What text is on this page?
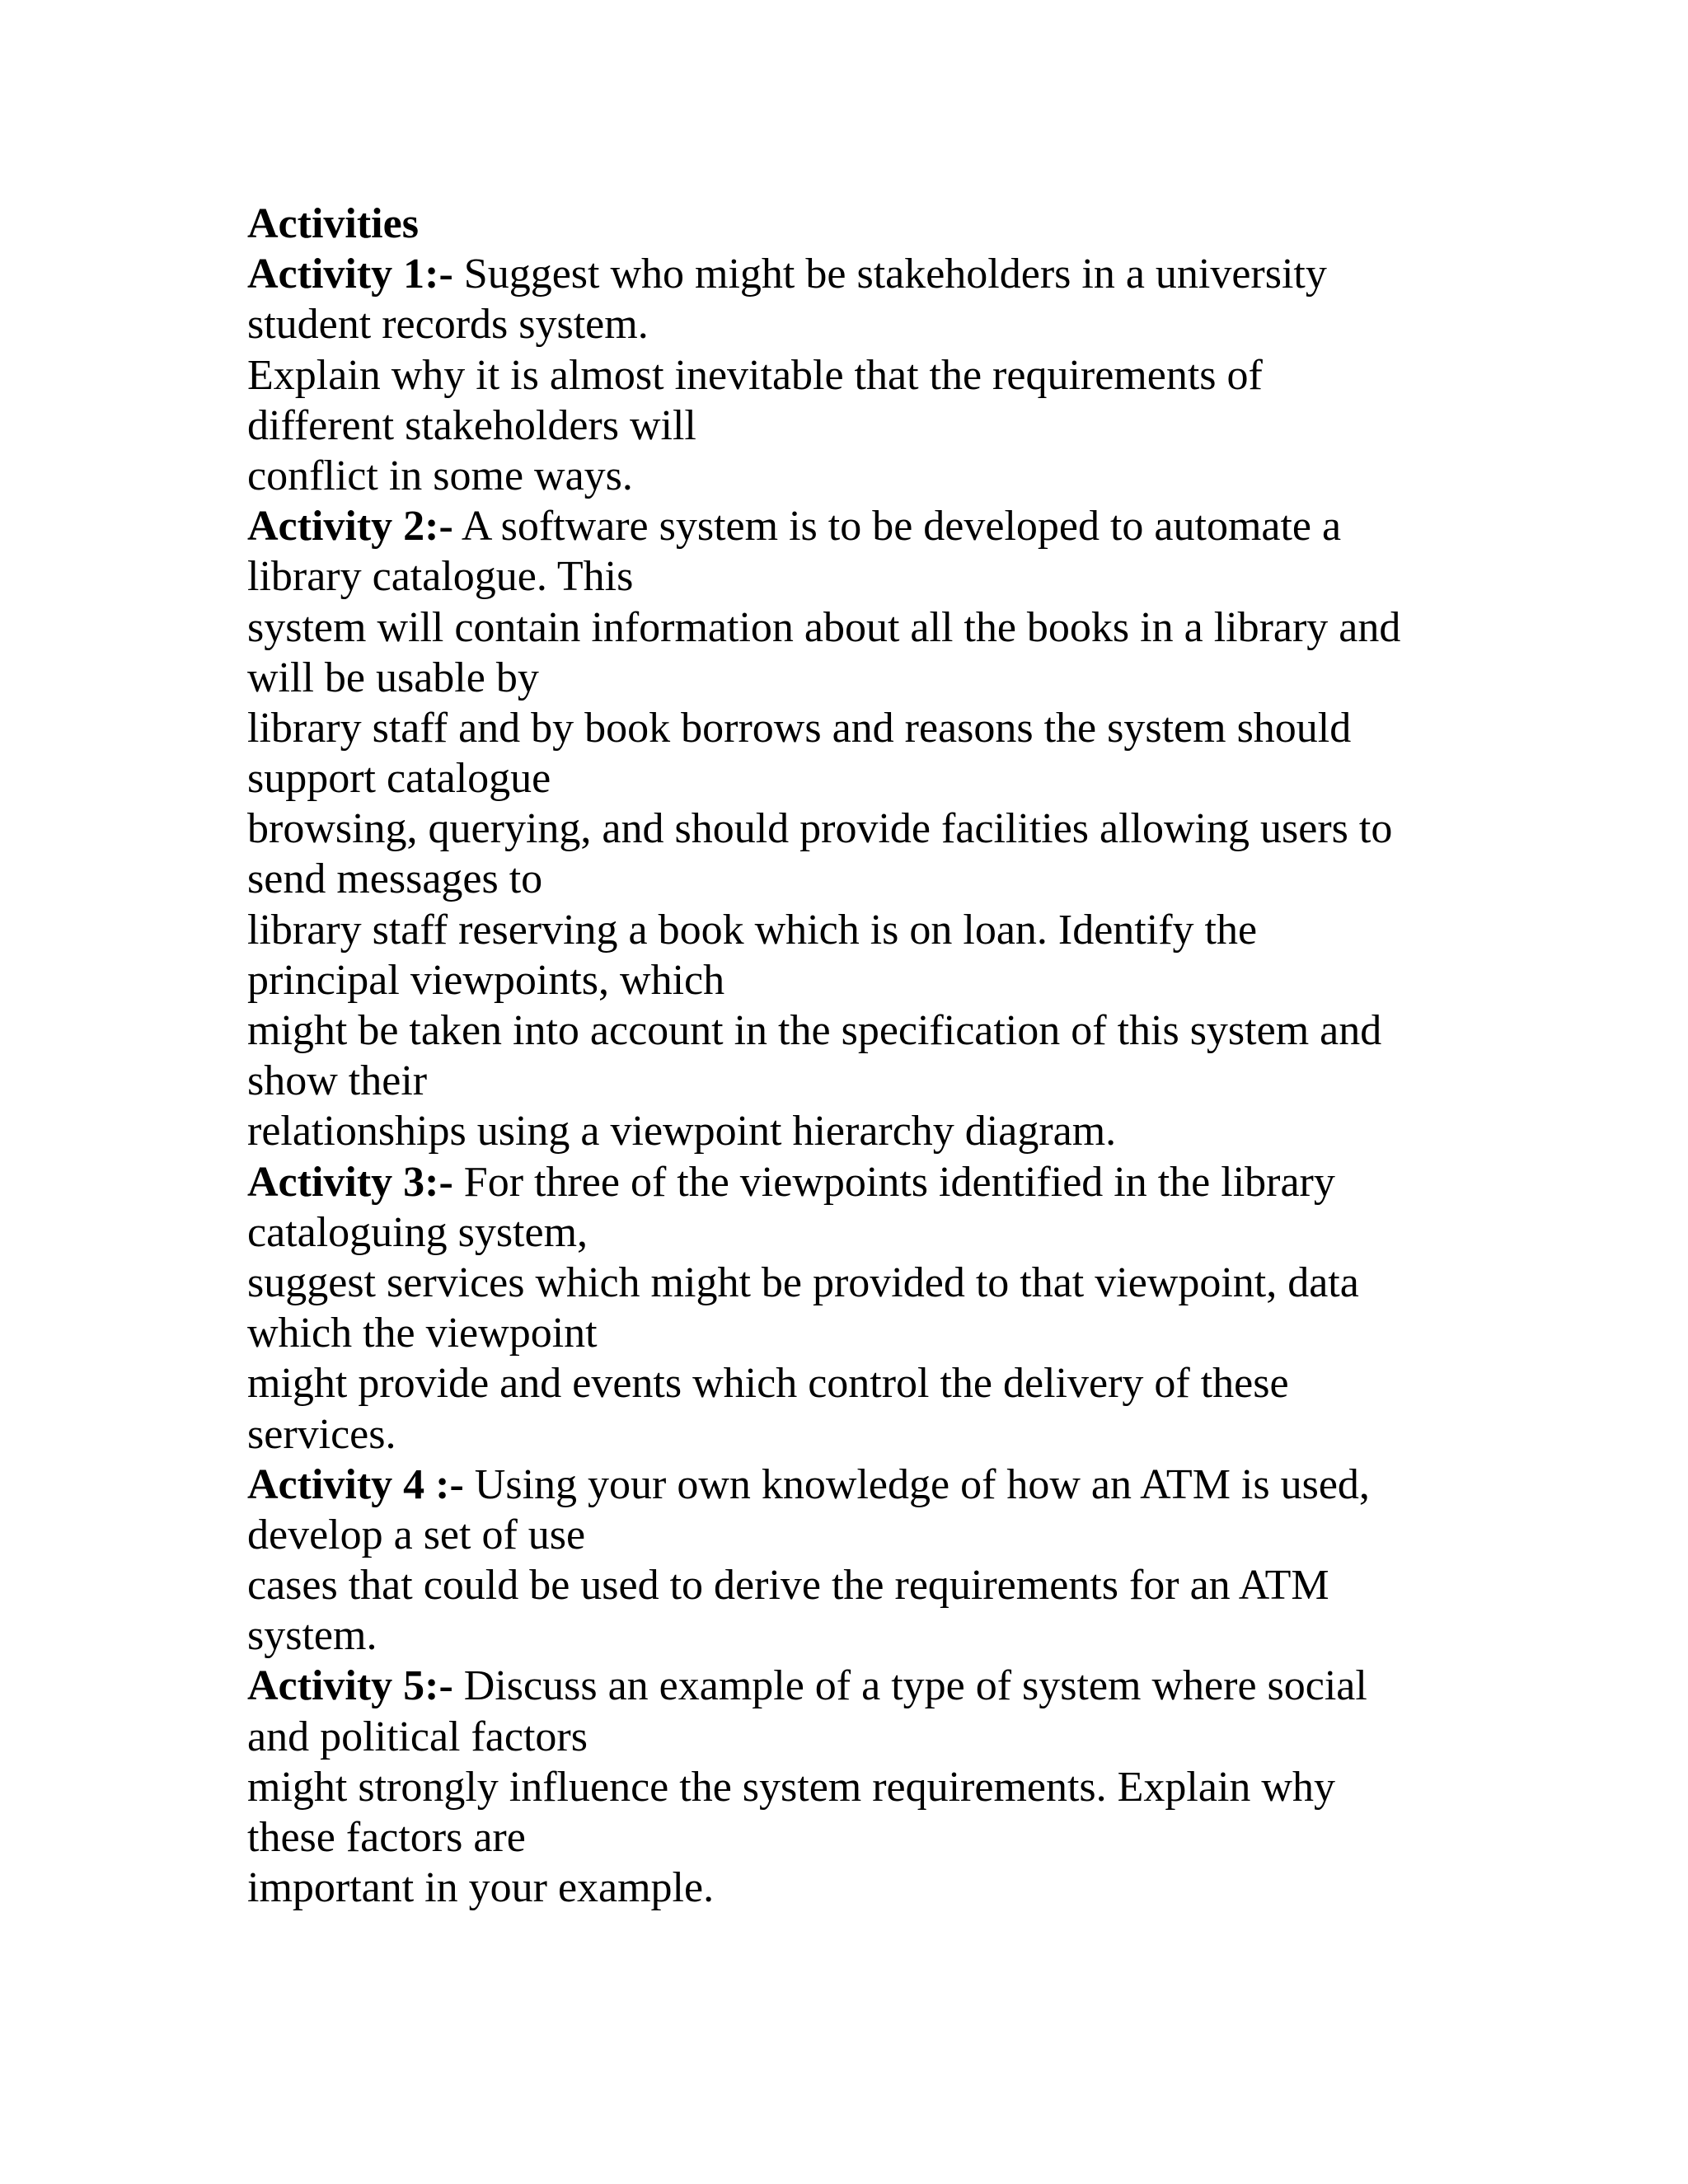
Activities
Activity 1:- Suggest who might be stakeholders in a university
student records system.
Explain why it is almost inevitable that the requirements of
different stakeholders will
conflict in some ways.
Activity 2:- A software system is to be developed to automate a
library catalogue. This
system will contain information about all the books in a library and
will be usable by
library staff and by book borrows and reasons the system should
support catalogue
browsing, querying, and should provide facilities allowing users to
send messages to
library staff reserving a book which is on loan. Identify the
principal viewpoints, which
might be taken into account in the specification of this system and
show their
relationships using a viewpoint hierarchy diagram.
Activity 3:- For three of the viewpoints identified in the library
cataloguing system,
suggest services which might be provided to that viewpoint, data
which the viewpoint
might provide and events which control the delivery of these
services.
Activity 4 :- Using your own knowledge of how an ATM is used,
develop a set of use
cases that could be used to derive the requirements for an ATM
system.
Activity 5:- Discuss an example of a type of system where social
and political factors
might strongly influence the system requirements. Explain why
these factors are
important in your example.
